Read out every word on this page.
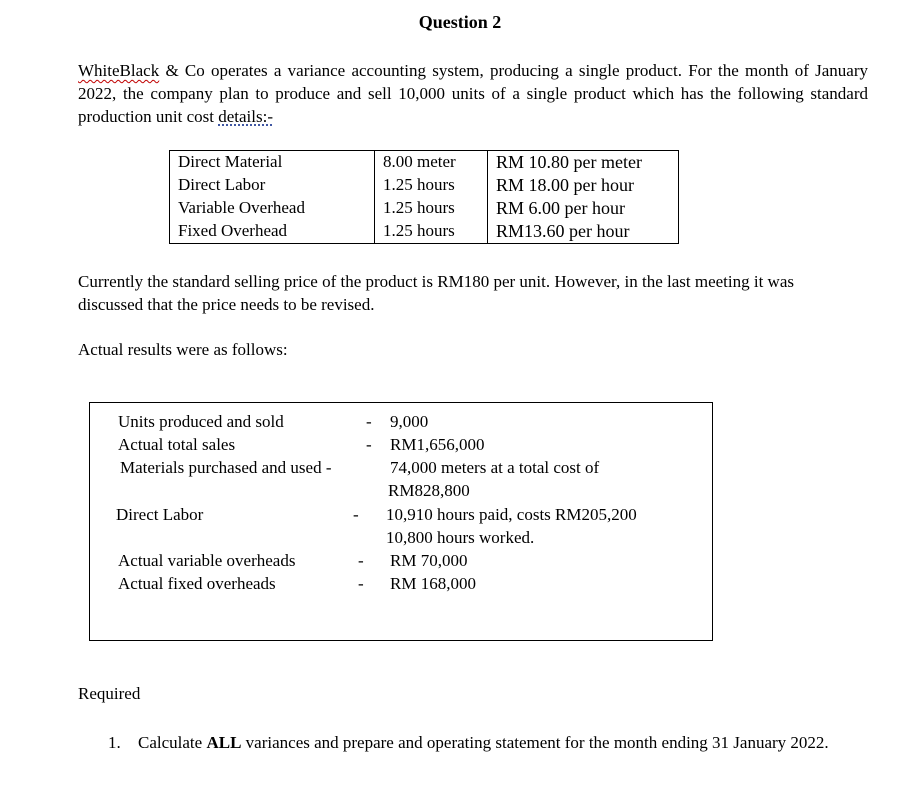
Question 2
WhiteBlack & Co operates a variance accounting system, producing a single product. For the month of January 2022, the company plan to produce and sell 10,000 units of a single product which has the following standard production unit cost details:-
Direct Material	8.00 meter	RM 10.80 per meter
Direct Labor	1.25 hours	RM 18.00 per hour
Variable Overhead	1.25 hours	RM 6.00 per hour
Fixed Overhead	1.25 hours	RM13.60 per hour
Currently the standard selling price of the product is RM180 per unit. However, in the last meeting it was discussed that the price needs to be revised.
Actual results were as follows:
Units produced and sold	- 9,000
Actual total sales	- RM1,656,000
Materials purchased and used -	74,000 meters at a total cost of
RM828,800
Direct Labor	- 10,910 hours paid, costs RM205,200
10,800 hours worked.
Actual variable overheads	- RM 70,000
Actual fixed overheads	- RM 168,000
Required
1. Calculate ALL variances and prepare and operating statement for the month ending 31 January 2022.
